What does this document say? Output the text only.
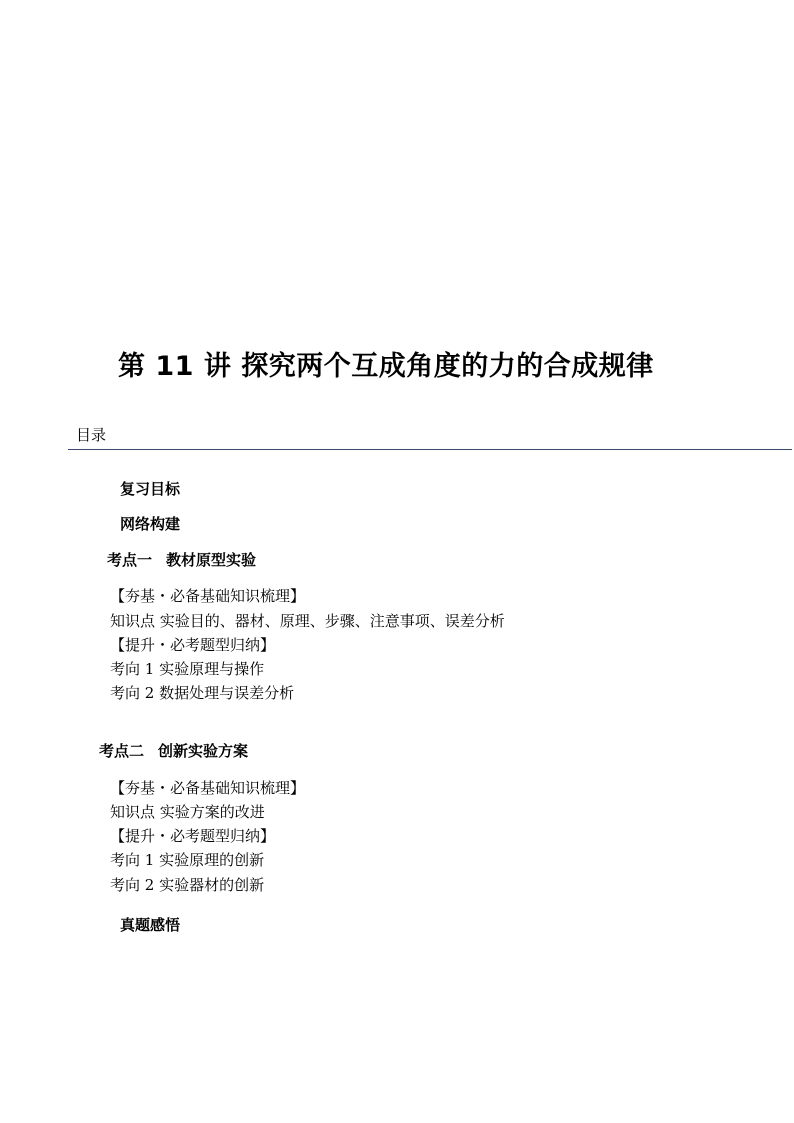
第 11 讲 探究两个互成角度的力的合成规律
目录
复习目标
网络构建
考点一 教材原型实验
【夯基・必备基础知识梳理】
知识点 实验目的、器材、原理、步骤、注意事项、误差分析
【提升・必考题型归纳】
考向 1 实验原理与操作
考向 2 数据处理与误差分析
考点二 创新实验方案
【夯基・必备基础知识梳理】
知识点 实验方案的改进
【提升・必考题型归纳】
考向 1 实验原理的创新
考向 2 实验器材的创新
真题感悟
